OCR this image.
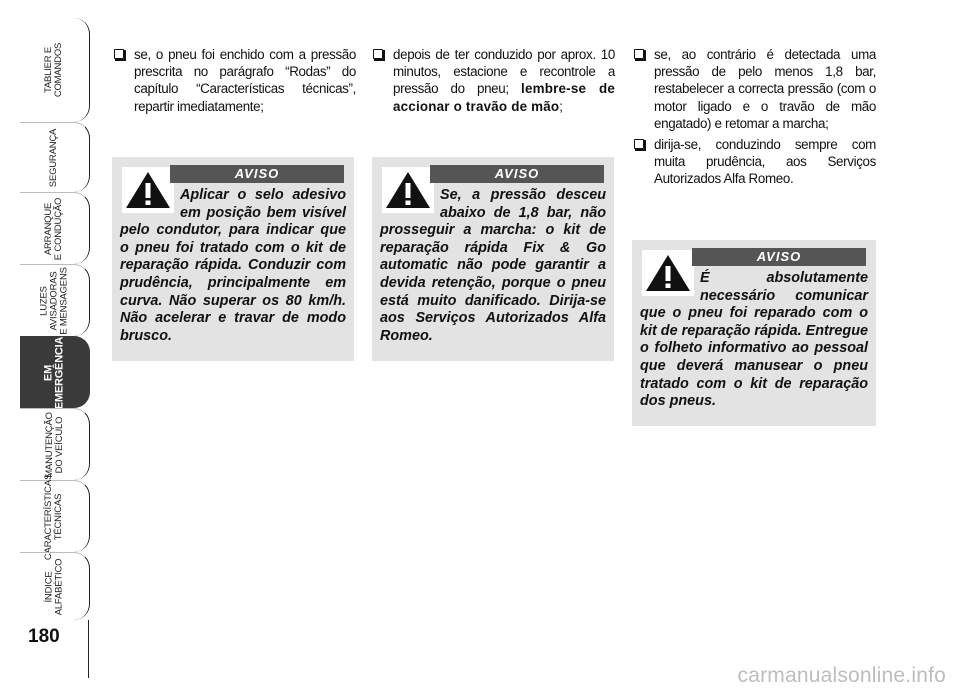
TABLIER E
COMANDOS
SEGURANÇA
ARRANQUE
E CONDUÇÃO
LUZES
AVISADORAS
E MENSAGENS
EM
EMERGÊNCIA
MANUTENÇÃO
DO VEÍCULO
CARACTERÍSTICAS
TÉCNICAS
ÍNDICE
ALFABÉTICO
180
se, o pneu foi enchido com a pressão prescrita no parágrafo “Rodas” do capítulo “Características técnicas”, repartir imediatamente;
AVISO
Aplicar o selo adesivo em posição bem visível pelo condutor, para indicar que o pneu foi tratado com o kit de reparação rápida. Conduzir com prudência, principalmente em curva. Não superar os 80 km/h. Não acelerar e travar de modo brusco.
depois de ter conduzido por aprox. 10 minutos, estacione e recontrole a pressão do pneu; lembre-se de accionar o travão de mão;
AVISO
Se, a pressão desceu abaixo de 1,8 bar, não prosseguir a marcha: o kit de reparação rápida Fix & Go automatic não pode garantir a devida retenção, porque o pneu está muito danificado. Dirija-se aos Serviços Autorizados Alfa Romeo.
se, ao contrário é detectada uma pressão de pelo menos 1,8 bar, restabelecer a correcta pressão (com o motor ligado e o travão de mão engatado) e retomar a marcha;
dirija-se, conduzindo sempre com muita prudência, aos Serviços Autorizados Alfa Romeo.
AVISO
É absolutamente necessário comunicar que o pneu foi reparado com o kit de reparação rápida. Entregue o folheto informativo ao pessoal que deverá manusear o pneu tratado com o kit de reparação dos pneus.
carmanualsonline.info
